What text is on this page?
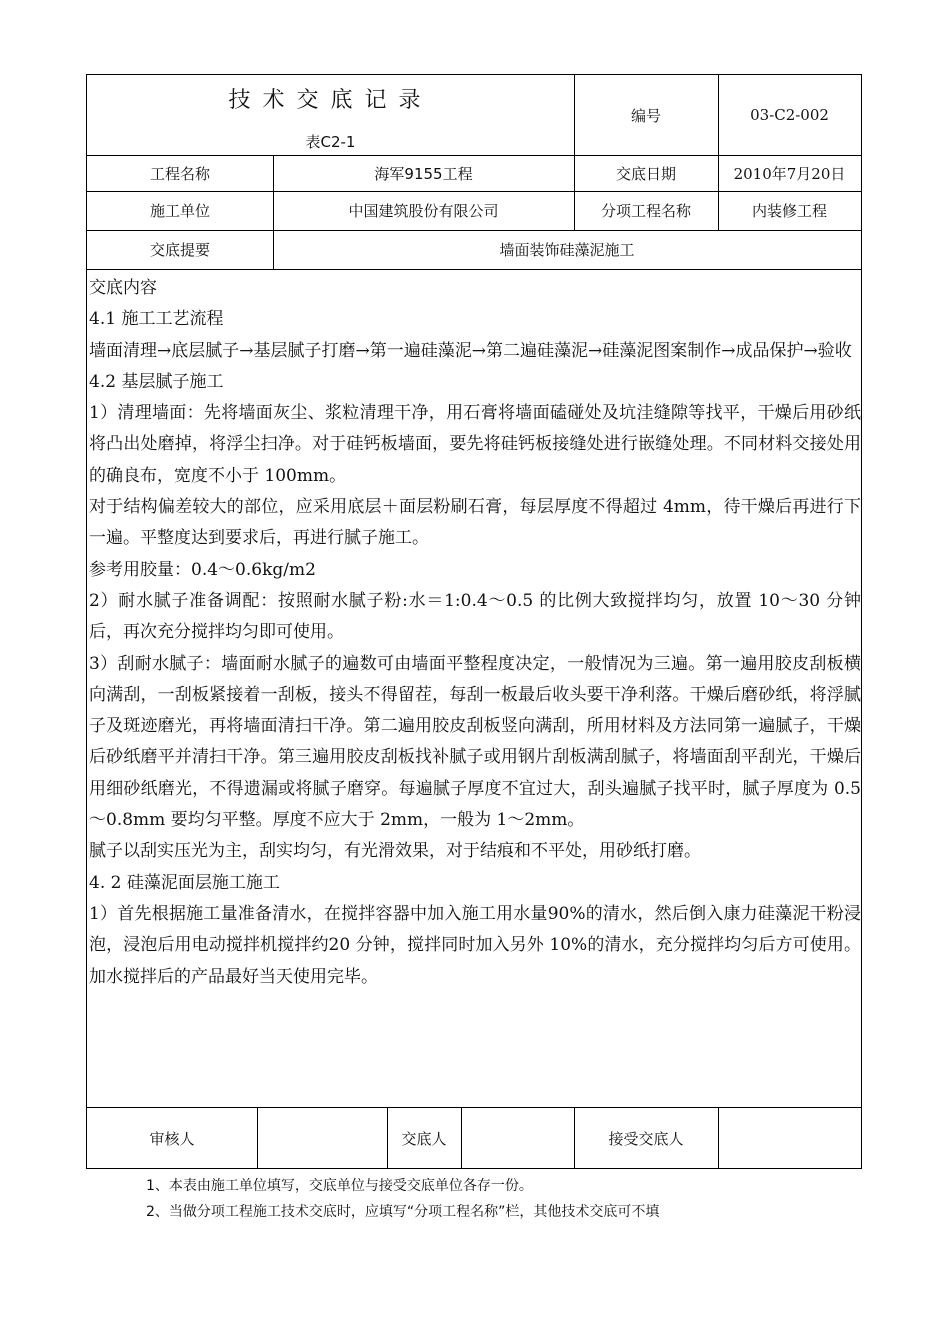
技术交底记录
表C2-1
编号	03-C2-002
工程名称	海军9155工程	交底日期	2010年7月20日
施工单位	中国建筑股份有限公司	分项工程名称	内装修工程
交底提要	墙面装饰硅藻泥施工

交底内容

4.1 施工工艺流程

墙面清理→底层腻子→基层腻子打磨→第一遍硅藻泥→第二遍硅藻泥→硅藻泥图案制作→成品保护→验收

4.2 基层腻子施工

1）清理墙面：先将墙面灰尘、浆粒清理干净，用石膏将墙面磕碰处及坑洼缝隙等找平，干燥后用砂纸将凸出处磨掉，将浮尘扫净。对于硅钙板墙面，要先将硅钙板接缝处进行嵌缝处理。不同材料交接处用的确良布，宽度不小于 100mm。

对于结构偏差较大的部位，应采用底层＋面层粉刷石膏，每层厚度不得超过 4mm，待干燥后再进行下一遍。平整度达到要求后，再进行腻子施工。

参考用胶量：0.4～0.6kg/m2

2）耐水腻子准备调配：按照耐水腻子粉:水＝1:0.4～0.5 的比例大致搅拌均匀，放置 10～30 分钟后，再次充分搅拌均匀即可使用。

3）刮耐水腻子：墙面耐水腻子的遍数可由墙面平整程度决定，一般情况为三遍。第一遍用胶皮刮板横向满刮，一刮板紧接着一刮板，接头不得留茬，每刮一板最后收头要干净利落。干燥后磨砂纸，将浮腻子及斑迹磨光，再将墙面清扫干净。第二遍用胶皮刮板竖向满刮，所用材料及方法同第一遍腻子，干燥后砂纸磨平并清扫干净。第三遍用胶皮刮板找补腻子或用钢片刮板满刮腻子，将墙面刮平刮光，干燥后用细砂纸磨光，不得遗漏或将腻子磨穿。每遍腻子厚度不宜过大，刮头遍腻子找平时，腻子厚度为 0.5～0.8mm 要均匀平整。厚度不应大于 2mm，一般为 1～2mm。

腻子以刮实压光为主，刮实均匀，有光滑效果，对于结痕和不平处，用砂纸打磨。

4. 2 硅藻泥面层施工施工

1）首先根据施工量准备清水，在搅拌容器中加入施工用水量90%的清水，然后倒入康力硅藻泥干粉浸泡，浸泡后用电动搅拌机搅拌约20 分钟，搅拌同时加入另外 10%的清水，充分搅拌均匀后方可使用。加水搅拌后的产品最好当天使用完毕。

审核人	交底人	接受交底人

1、本表由施工单位填写，交底单位与接受交底单位各存一份。

2、当做分项工程施工技术交底时，应填写“分项工程名称”栏，其他技术交底可不填
